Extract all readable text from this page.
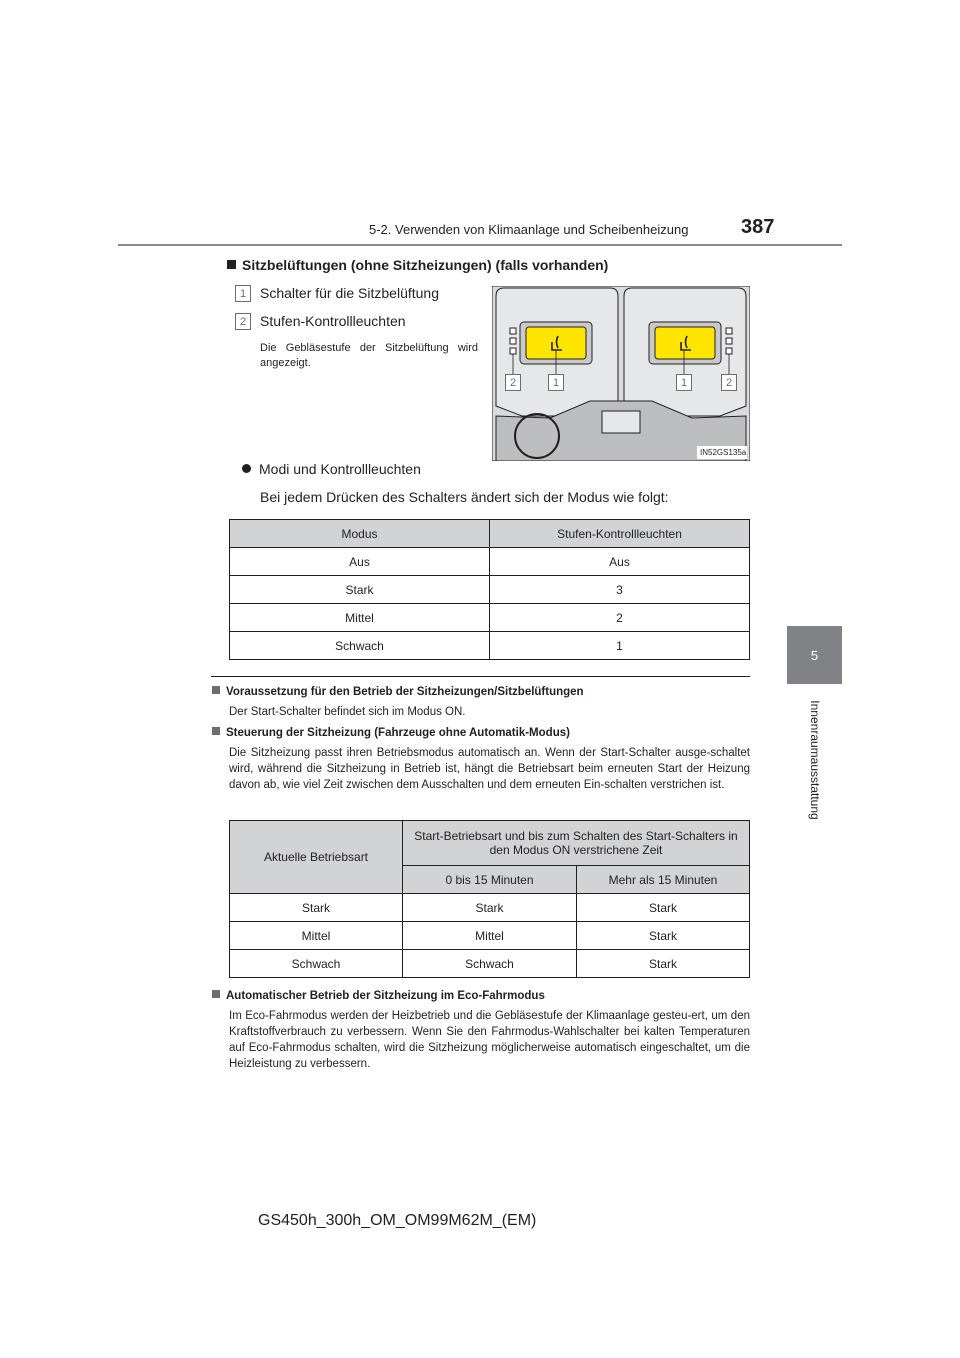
5-2. Verwenden von Klimaanlage und Scheibenheizung	387
5
Innenraumausstattung
Sitzbelüftungen (ohne Sitzheizungen) (falls vorhanden)
1 Schalter für die Sitzbelüftung
2 Stufen-Kontrollleuchten
Die Gebläsestufe der Sitzbelüftung wird angezeigt.
2	1	1	2
IN52GS135a
Modi und Kontrollleuchten
Bei jedem Drücken des Schalters ändert sich der Modus wie folgt:
Modus	Stufen-Kontrollleuchten
Aus	Aus
Stark	3
Mittel	2
Schwach	1
Voraussetzung für den Betrieb der Sitzheizungen/Sitzbelüftungen
Der Start-Schalter befindet sich im Modus ON.
Steuerung der Sitzheizung (Fahrzeuge ohne Automatik-Modus)
Die Sitzheizung passt ihren Betriebsmodus automatisch an. Wenn der Start-Schalter ausge-schaltet wird, während die Sitzheizung in Betrieb ist, hängt die Betriebsart beim erneuten Start der Heizung davon ab, wie viel Zeit zwischen dem Ausschalten und dem erneuten Ein-schalten verstrichen ist.
Aktuelle Betriebsart	Start-Betriebsart und bis zum Schalten des Start-Schalters in den Modus ON verstrichene Zeit	
	0 bis 15 Minuten	Mehr als 15 Minuten
Stark	Stark	Stark
Mittel	Mittel	Stark
Schwach	Schwach	Stark
Automatischer Betrieb der Sitzheizung im Eco-Fahrmodus
Im Eco-Fahrmodus werden der Heizbetrieb und die Gebläsestufe der Klimaanlage gesteu-ert, um den Kraftstoffverbrauch zu verbessern. Wenn Sie den Fahrmodus-Wahlschalter bei kalten Temperaturen auf Eco-Fahrmodus schalten, wird die Sitzheizung möglicherweise automatisch eingeschaltet, um die Heizleistung zu verbessern.
GS450h_300h_OM_OM99M62M_(EM)
